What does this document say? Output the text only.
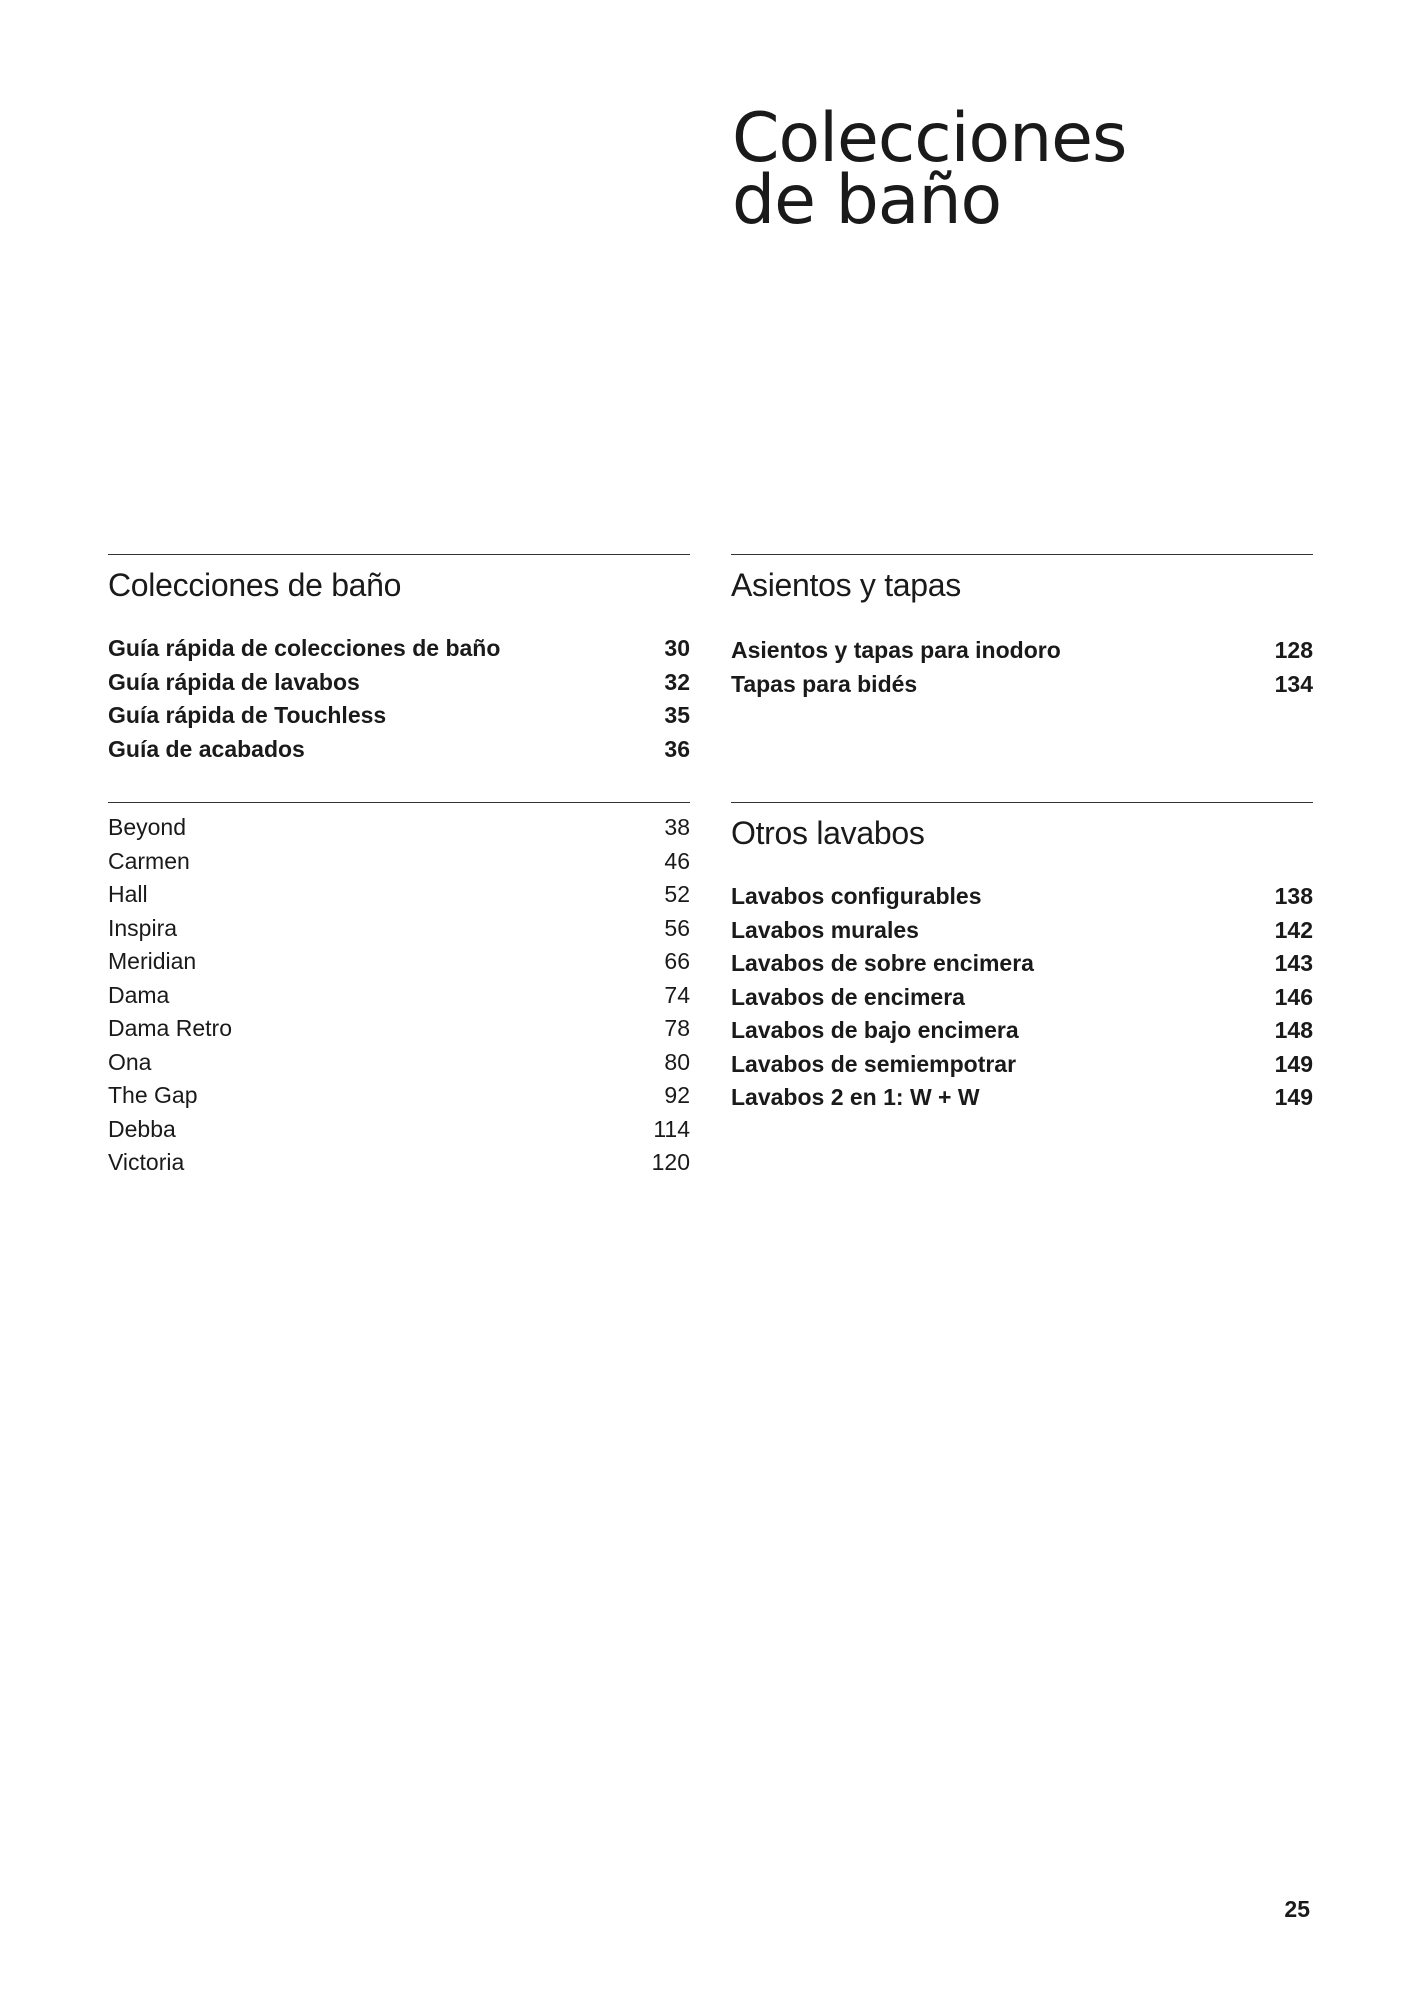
Colecciones
de baño
Colecciones de baño
Guía rápida de colecciones de baño	30
Guía rápida de lavabos	32
Guía rápida de Touchless	35
Guía de acabados	36
Beyond	38
Carmen	46
Hall	52
Inspira	56
Meridian	66
Dama	74
Dama Retro	78
Ona	80
The Gap	92
Debba	114
Victoria	120
Asientos y tapas
Asientos y tapas para inodoro	128
Tapas para bidés	134
Otros lavabos
Lavabos configurables	138
Lavabos murales	142
Lavabos de sobre encimera	143
Lavabos de encimera	146
Lavabos de bajo encimera	148
Lavabos de semiempotrar	149
Lavabos 2 en 1: W + W	149
25
